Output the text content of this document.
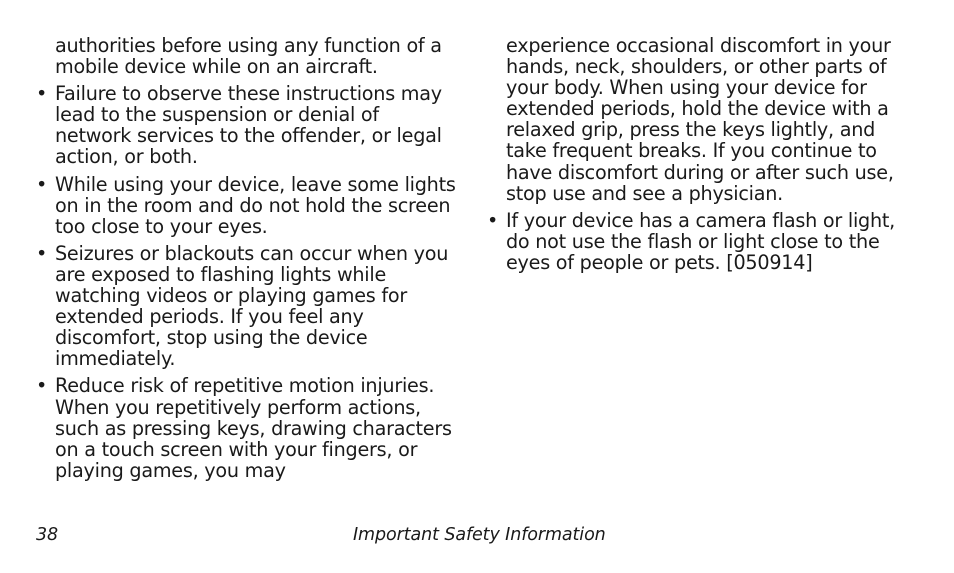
authorities before using any function of a mobile device while on an aircraft.

• Failure to observe these instructions may lead to the suspension or denial of network services to the offender, or legal action, or both.
• While using your device, leave some lights on in the room and do not hold the screen too close to your eyes.
• Seizures or blackouts can occur when you are exposed to flashing lights while watching videos or playing games for extended periods. If you feel any discomfort, stop using the device immediately.
• Reduce risk of repetitive motion injuries. When you repetitively perform actions, such as pressing keys, drawing characters on a touch screen with your fingers, or playing games, you may

experience occasional discomfort in your hands, neck, shoulders, or other parts of your body. When using your device for extended periods, hold the device with a relaxed grip, press the keys lightly, and take frequent breaks. If you continue to have discomfort during or after such use, stop use and see a physician.

• If your device has a camera flash or light, do not use the flash or light close to the eyes of people or pets. [050914]
38	Important Safety Information
